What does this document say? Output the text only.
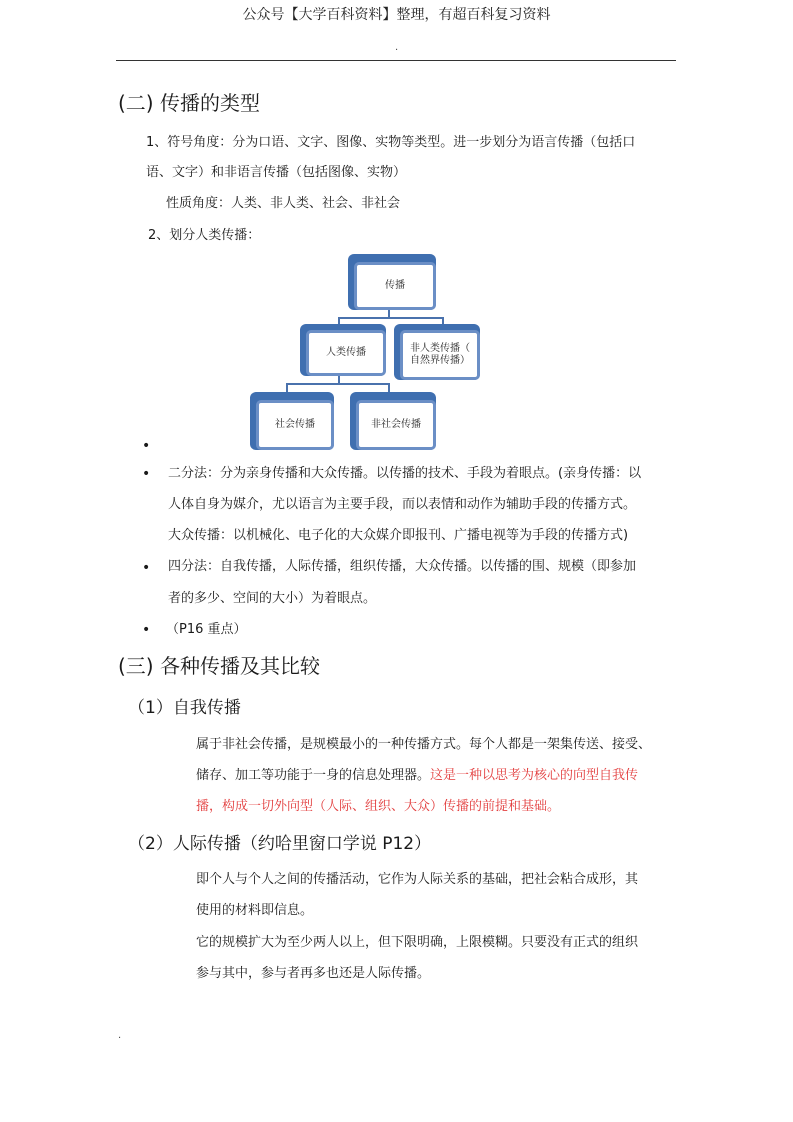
公众号【大学百科资料】整理，有超百科复习资料
.
(二) 传播的类型
1、符号角度：分为口语、文字、图像、实物等类型。进一步划分为语言传播（包括口
语、文字）和非语言传播（包括图像、实物）
性质角度：人类、非人类、社会、非社会
2、划分人类传播：
传播
人类传播	非人类传播（
自然界传播）
社会传播	非社会传播
•
• 二分法：分为亲身传播和大众传播。以传播的技术、手段为着眼点。(亲身传播：以
人体自身为媒介，尤以语言为主要手段，而以表情和动作为辅助手段的传播方式。
大众传播：以机械化、电子化的大众媒介即报刊、广播电视等为手段的传播方式)
• 四分法：自我传播，人际传播，组织传播，大众传播。以传播的围、规模（即参加
者的多少、空间的大小）为着眼点。
• （P16 重点）
(三) 各种传播及其比较
（1）自我传播
属于非社会传播，是规模最小的一种传播方式。每个人都是一架集传送、接受、
储存、加工等功能于一身的信息处理器。这是一种以思考为核心的向型自我传
播，构成一切外向型（人际、组织、大众）传播的前提和基础。
（2）人际传播（约哈里窗口学说 P12）
即个人与个人之间的传播活动，它作为人际关系的基础，把社会粘合成形，其
使用的材料即信息。
它的规模扩大为至少两人以上，但下限明确，上限模糊。只要没有正式的组织
参与其中，参与者再多也还是人际传播。
.
